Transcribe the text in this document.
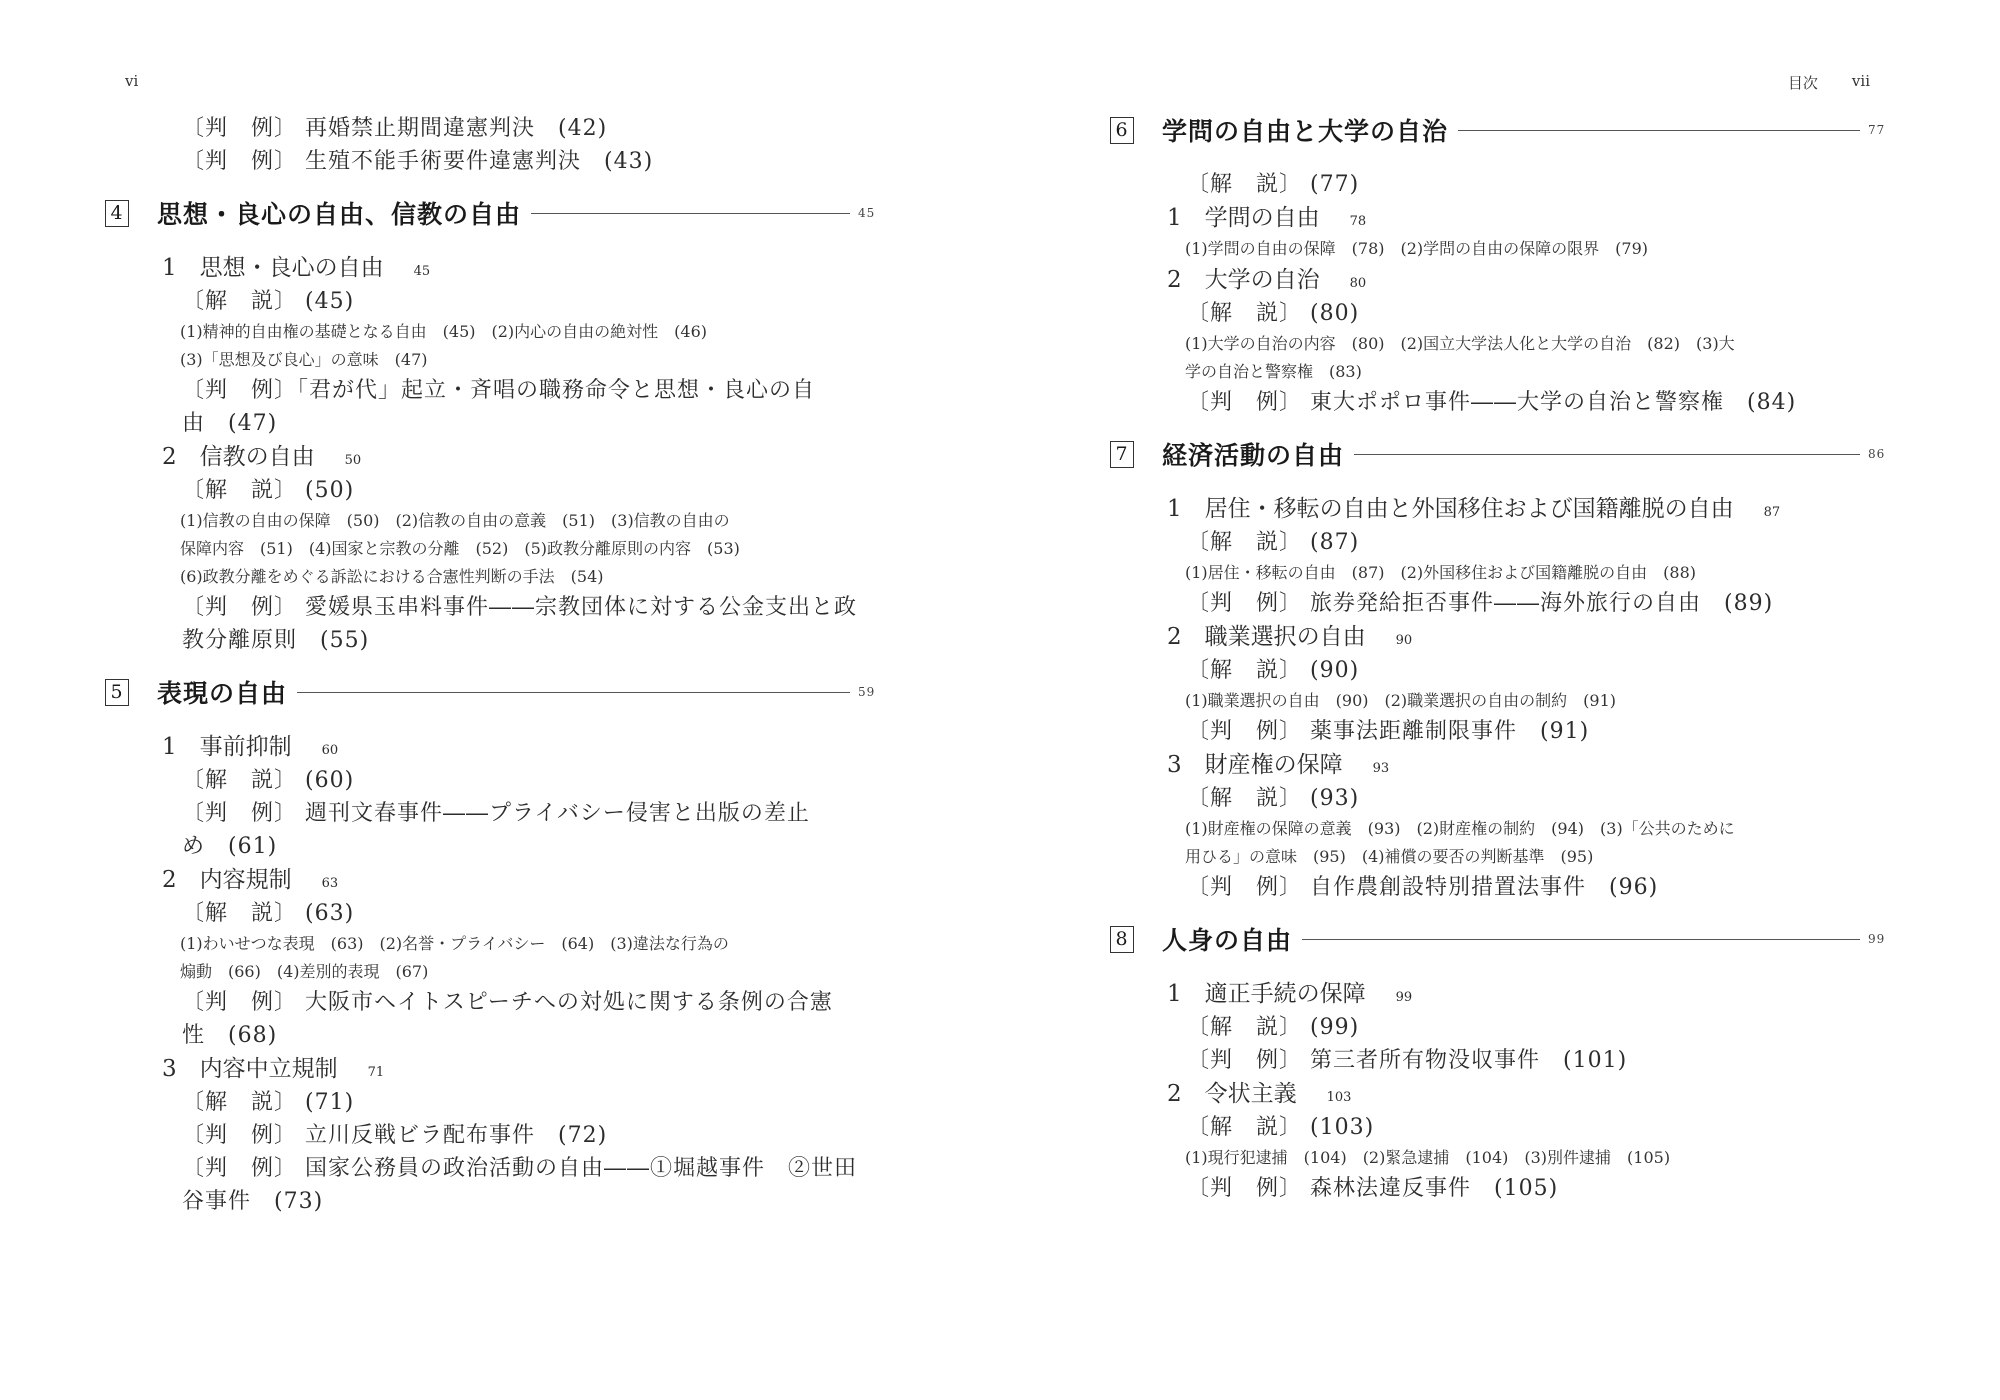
vi
〔判　例〕 再婚禁止期間違憲判決　(42)
〔判　例〕 生殖不能手術要件違憲判決　(43)
4 思想・良心の自由、信教の自由	45
1　思想・良心の自由 45
〔解　説〕 (45)
(1)精神的自由権の基礎となる自由　(45)　(2)内心の自由の絶対性　(46)
(3)「思想及び良心」の意味　(47)
〔判　例〕「君が代」起立・斉唱の職務命令と思想・良心の自
由　(47)
2　信教の自由 50
〔解　説〕 (50)
(1)信教の自由の保障　(50)　(2)信教の自由の意義　(51)　(3)信教の自由の
保障内容　(51)　(4)国家と宗教の分離　(52)　(5)政教分離原則の内容　(53)
(6)政教分離をめぐる訴訟における合憲性判断の手法　(54)
〔判　例〕 愛媛県玉串料事件――宗教団体に対する公金支出と政
教分離原則　(55)
5 表現の自由	59
1　事前抑制 60
〔解　説〕 (60)
〔判　例〕 週刊文春事件――プライバシー侵害と出版の差止
め　(61)
2　内容規制 63
〔解　説〕 (63)
(1)わいせつな表現　(63)　(2)名誉・プライバシー　(64)　(3)違法な行為の
煽動　(66)　(4)差別的表現　(67)
〔判　例〕 大阪市ヘイトスピーチへの対処に関する条例の合憲
性　(68)
3　内容中立規制 71
〔解　説〕 (71)
〔判　例〕 立川反戦ビラ配布事件　(72)
〔判　例〕 国家公務員の政治活動の自由――①堀越事件　②世田
谷事件　(73)
目次 vii
6 学問の自由と大学の自治	77
〔解　説〕 (77)
1　学問の自由 78
(1)学問の自由の保障　(78)　(2)学問の自由の保障の限界　(79)
2　大学の自治 80
〔解　説〕 (80)
(1)大学の自治の内容　(80)　(2)国立大学法人化と大学の自治　(82)　(3)大
学の自治と警察権　(83)
〔判　例〕 東大ポポロ事件――大学の自治と警察権　(84)
7 経済活動の自由	86
1　居住・移転の自由と外国移住および国籍離脱の自由 87
〔解　説〕 (87)
(1)居住・移転の自由　(87)　(2)外国移住および国籍離脱の自由　(88)
〔判　例〕 旅券発給拒否事件――海外旅行の自由　(89)
2　職業選択の自由 90
〔解　説〕 (90)
(1)職業選択の自由　(90)　(2)職業選択の自由の制約　(91)
〔判　例〕 薬事法距離制限事件　(91)
3　財産権の保障 93
〔解　説〕 (93)
(1)財産権の保障の意義　(93)　(2)財産権の制約　(94)　(3)「公共のために
用ひる」の意味　(95)　(4)補償の要否の判断基準　(95)
〔判　例〕 自作農創設特別措置法事件　(96)
8 人身の自由	99
1　適正手続の保障 99
〔解　説〕 (99)
〔判　例〕 第三者所有物没収事件　(101)
2　令状主義 103
〔解　説〕 (103)
(1)現行犯逮捕　(104)　(2)緊急逮捕　(104)　(3)別件逮捕　(105)
〔判　例〕 森林法違反事件　(105)
